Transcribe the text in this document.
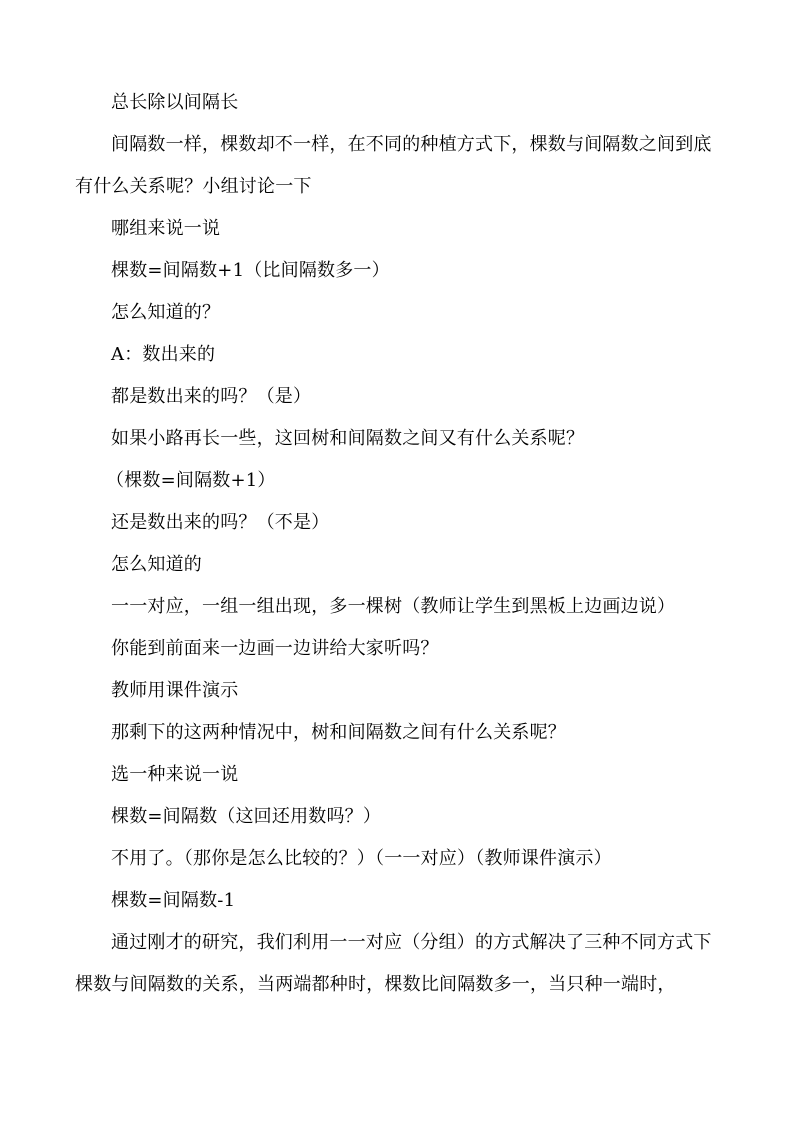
总长除以间隔长

间隔数一样，棵数却不一样，在不同的种植方式下，棵数与间隔数之间到底有什么关系呢？小组讨论一下

哪组来说一说

棵数=间隔数+1（比间隔数多一）

怎么知道的？

A：数出来的

都是数出来的吗？（是）

如果小路再长一些，这回树和间隔数之间又有什么关系呢？

（棵数=间隔数+1）

还是数出来的吗？（不是）

怎么知道的

一一对应，一组一组出现，多一棵树（教师让学生到黑板上边画边说）

你能到前面来一边画一边讲给大家听吗？

教师用课件演示

那剩下的这两种情况中，树和间隔数之间有什么关系呢？

选一种来说一说

棵数=间隔数（这回还用数吗？）

不用了。（那你是怎么比较的？）（一一对应）（教师课件演示）

棵数=间隔数-1

通过刚才的研究，我们利用一一对应（分组）的方式解决了三种不同方式下棵数与间隔数的关系，当两端都种时，棵数比间隔数多一，当只种一端时，
